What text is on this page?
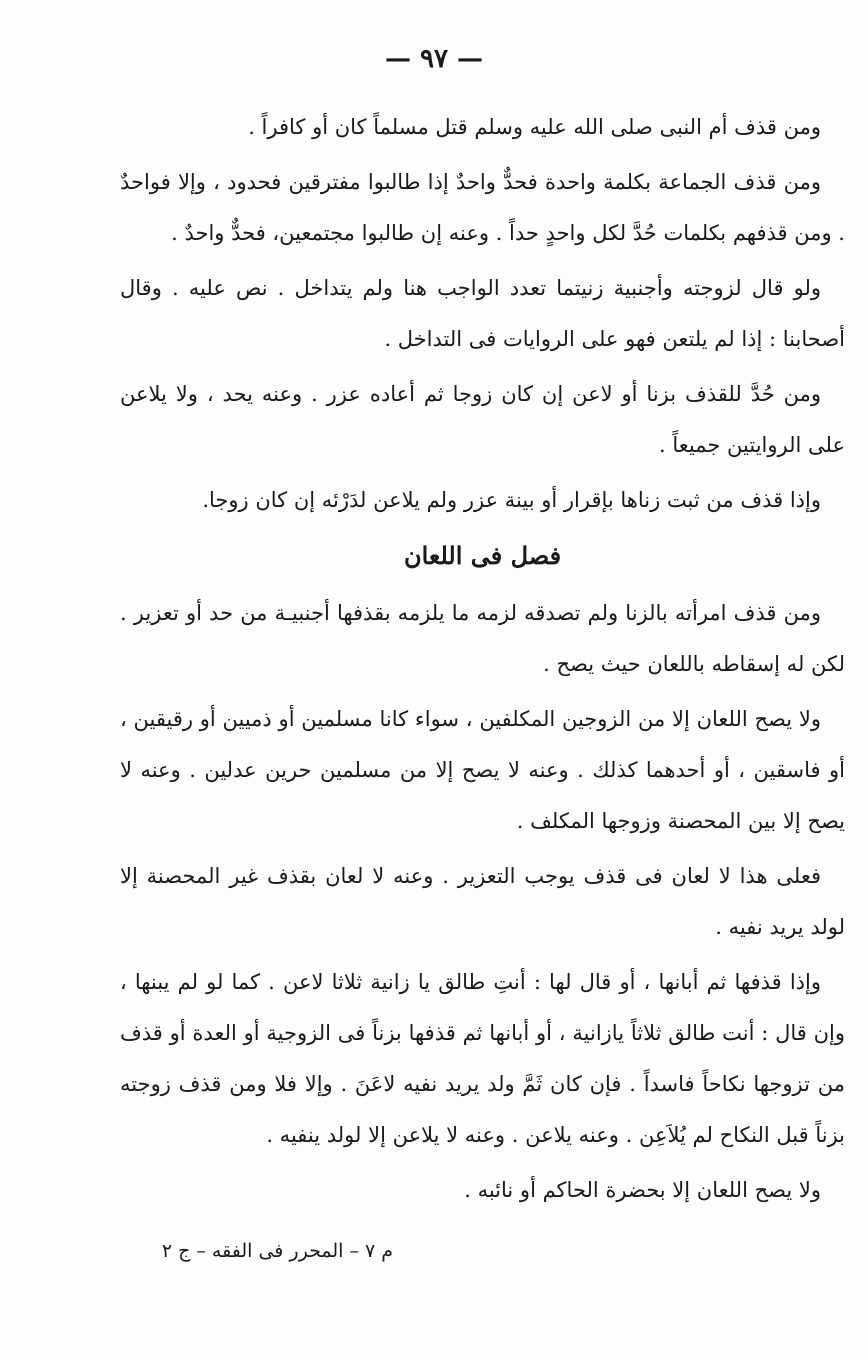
— ٩٧ —

ومن قذف أم النبى صلى الله عليه وسلم قتل مسلماً كان أو كافراً .

ومن قذف الجماعة بكلمة واحدة فحدٌّ واحدٌ إذا طالبوا مفترقين فحدود ، وإلا فواحدٌ . ومن قذفهم بكلمات حُدَّ لكل واحدٍ حداً . وعنه إن طالبوا مجتمعين، فحدٌّ واحدٌ .

ولو قال لزوجته وأجنبية زنيتما تعدد الواجب هنا ولم يتداخل . نص عليه . وقال أصحابنا : إذا لم يلتعن فهو على الروايات فى التداخل .

ومن حُدَّ للقذف بزنا أو لاعن إن كان زوجا ثم أعاده عزر . وعنه يحد ، ولا يلاعن على الروايتين جميعاً .

وإذا قذف من ثبت زناها بإقرار أو بينة عزر ولم يلاعن لدَرْئه إن كان زوجا.

فصل فى اللعان

ومن قذف امرأته بالزنا ولم تصدقه لزمه ما يلزمه بقذفها أجنبيـة من حد أو تعزير . لكن له إسقاطه باللعان حيث يصح .

ولا يصح اللعان إلا من الزوجين المكلفين ، سواء كانا مسلمين أو ذميين أو رقيقين ، أو فاسقين ، أو أحدهما كذلك . وعنه لا يصح إلا من مسلمين حرين عدلين . وعنه لا يصح إلا بين المحصنة وزوجها المكلف .

فعلى هذا لا لعان فى قذف يوجب التعزير . وعنه لا لعان بقذف غير المحصنة إلا لولد يريد نفيه .

وإذا قذفها ثم أبانها ، أو قال لها : أنتِ طالق يا زانية ثلاثا لاعن . كما لو لم يبنها ، وإن قال : أنت طالق ثلاثاً يازانية ، أو أبانها ثم قذفها بزناً فى الزوجية أو العدة أو قذف من تزوجها نكاحاً فاسداً . فإن كان ثَمَّ ولد يريد نفيه لاعَنَ . وإلا فلا ومن قذف زوجته بزناً قبل النكاح لم يُلاَعِن . وعنه يلاعن . وعنه لا يلاعن إلا لولد ينفيه .

ولا يصح اللعان إلا بحضرة الحاكم أو نائبه .

م ٧ – المحرر فى الفقه – ج ٢
